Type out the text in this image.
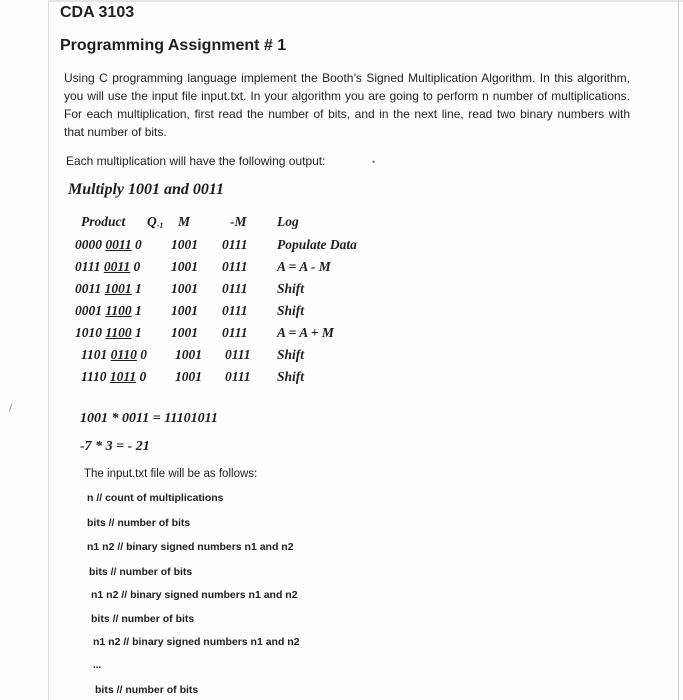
CDA 3103
Programming Assignment # 1

Using C programming language implement the Booth’s Signed Multiplication Algorithm. In this algorithm, you will use the input file input.txt. In your algorithm you are going to perform n number of multiplications. For each multiplication, first read the number of bits, and in the next line, read two binary numbers with that number of bits.

Each multiplication will have the following output:	•
Multiply 1001 and 0011
Product Q-1 M	-M Log
0000 0011 0 1001 0111 Populate Data
0111 0011 0 1001 0111 A = A - M
0011 1001 1 1001 0111 Shift
0001 1100 1 1001 0111 Shift
1010 1100 1 1001 0111 A = A + M
1101 0110 0 1001 0111 Shift
1110 1011 0 1001 0111 Shift

1001 * 0011 = 11101011

-7 * 3 = - 21

The input.txt file will be as follows:

n // count of multiplications

bits // number of bits

n1 n2 // binary signed numbers n1 and n2

bits // number of bits

n1 n2 // binary signed numbers n1 and n2

bits // number of bits

n1 n2 // binary signed numbers n1 and n2

...

bits // number of bits
